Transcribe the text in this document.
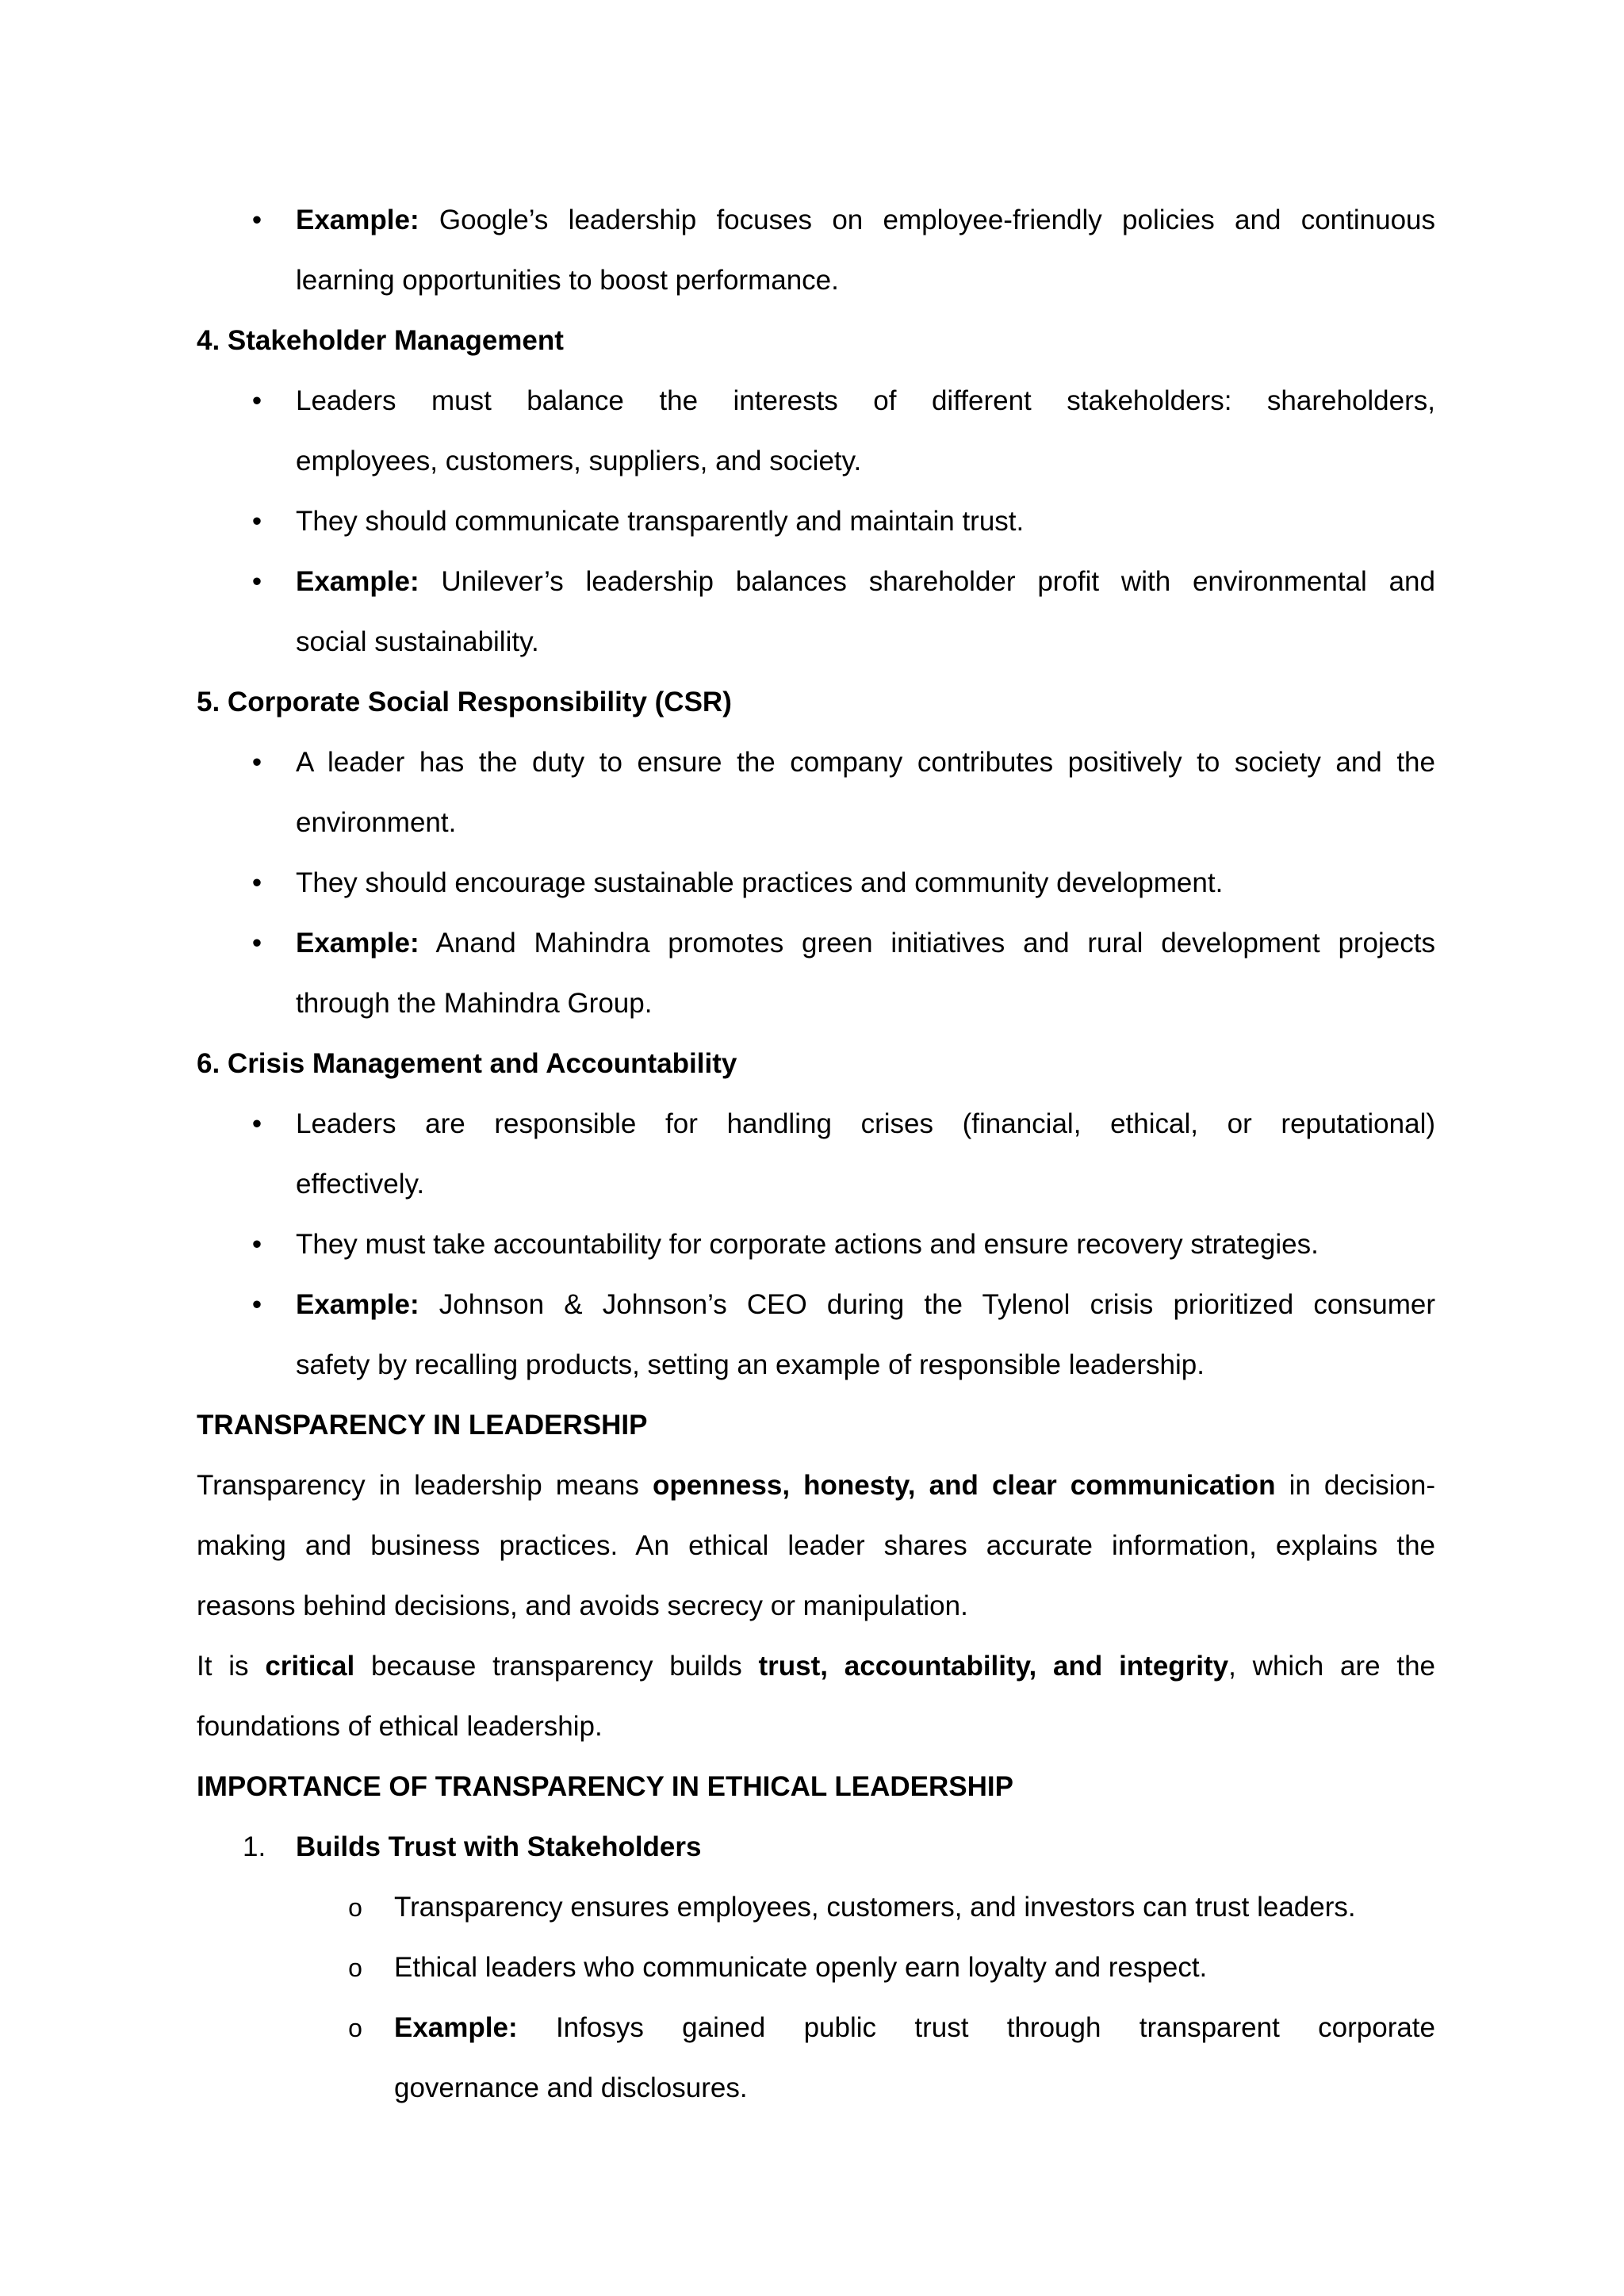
• Example: Google’s leadership focuses on employee-friendly policies and continuous
learning opportunities to boost performance.
4. Stakeholder Management
• Leaders must balance the interests of different stakeholders: shareholders,
employees, customers, suppliers, and society.
• They should communicate transparently and maintain trust.
• Example: Unilever’s leadership balances shareholder profit with environmental and
social sustainability.
5. Corporate Social Responsibility (CSR)
• A leader has the duty to ensure the company contributes positively to society and the
environment.
• They should encourage sustainable practices and community development.
• Example: Anand Mahindra promotes green initiatives and rural development projects
through the Mahindra Group.
6. Crisis Management and Accountability
• Leaders are responsible for handling crises (financial, ethical, or reputational)
effectively.
• They must take accountability for corporate actions and ensure recovery strategies.
• Example: Johnson & Johnson’s CEO during the Tylenol crisis prioritized consumer
safety by recalling products, setting an example of responsible leadership.
TRANSPARENCY IN LEADERSHIP
Transparency in leadership means openness, honesty, and clear communication in decision-
making and business practices. An ethical leader shares accurate information, explains the
reasons behind decisions, and avoids secrecy or manipulation.
It is critical because transparency builds trust, accountability, and integrity, which are the
foundations of ethical leadership.
IMPORTANCE OF TRANSPARENCY IN ETHICAL LEADERSHIP
1. Builds Trust with Stakeholders
o Transparency ensures employees, customers, and investors can trust leaders.
o Ethical leaders who communicate openly earn loyalty and respect.
o Example: Infosys gained public trust through transparent corporate
governance and disclosures.
